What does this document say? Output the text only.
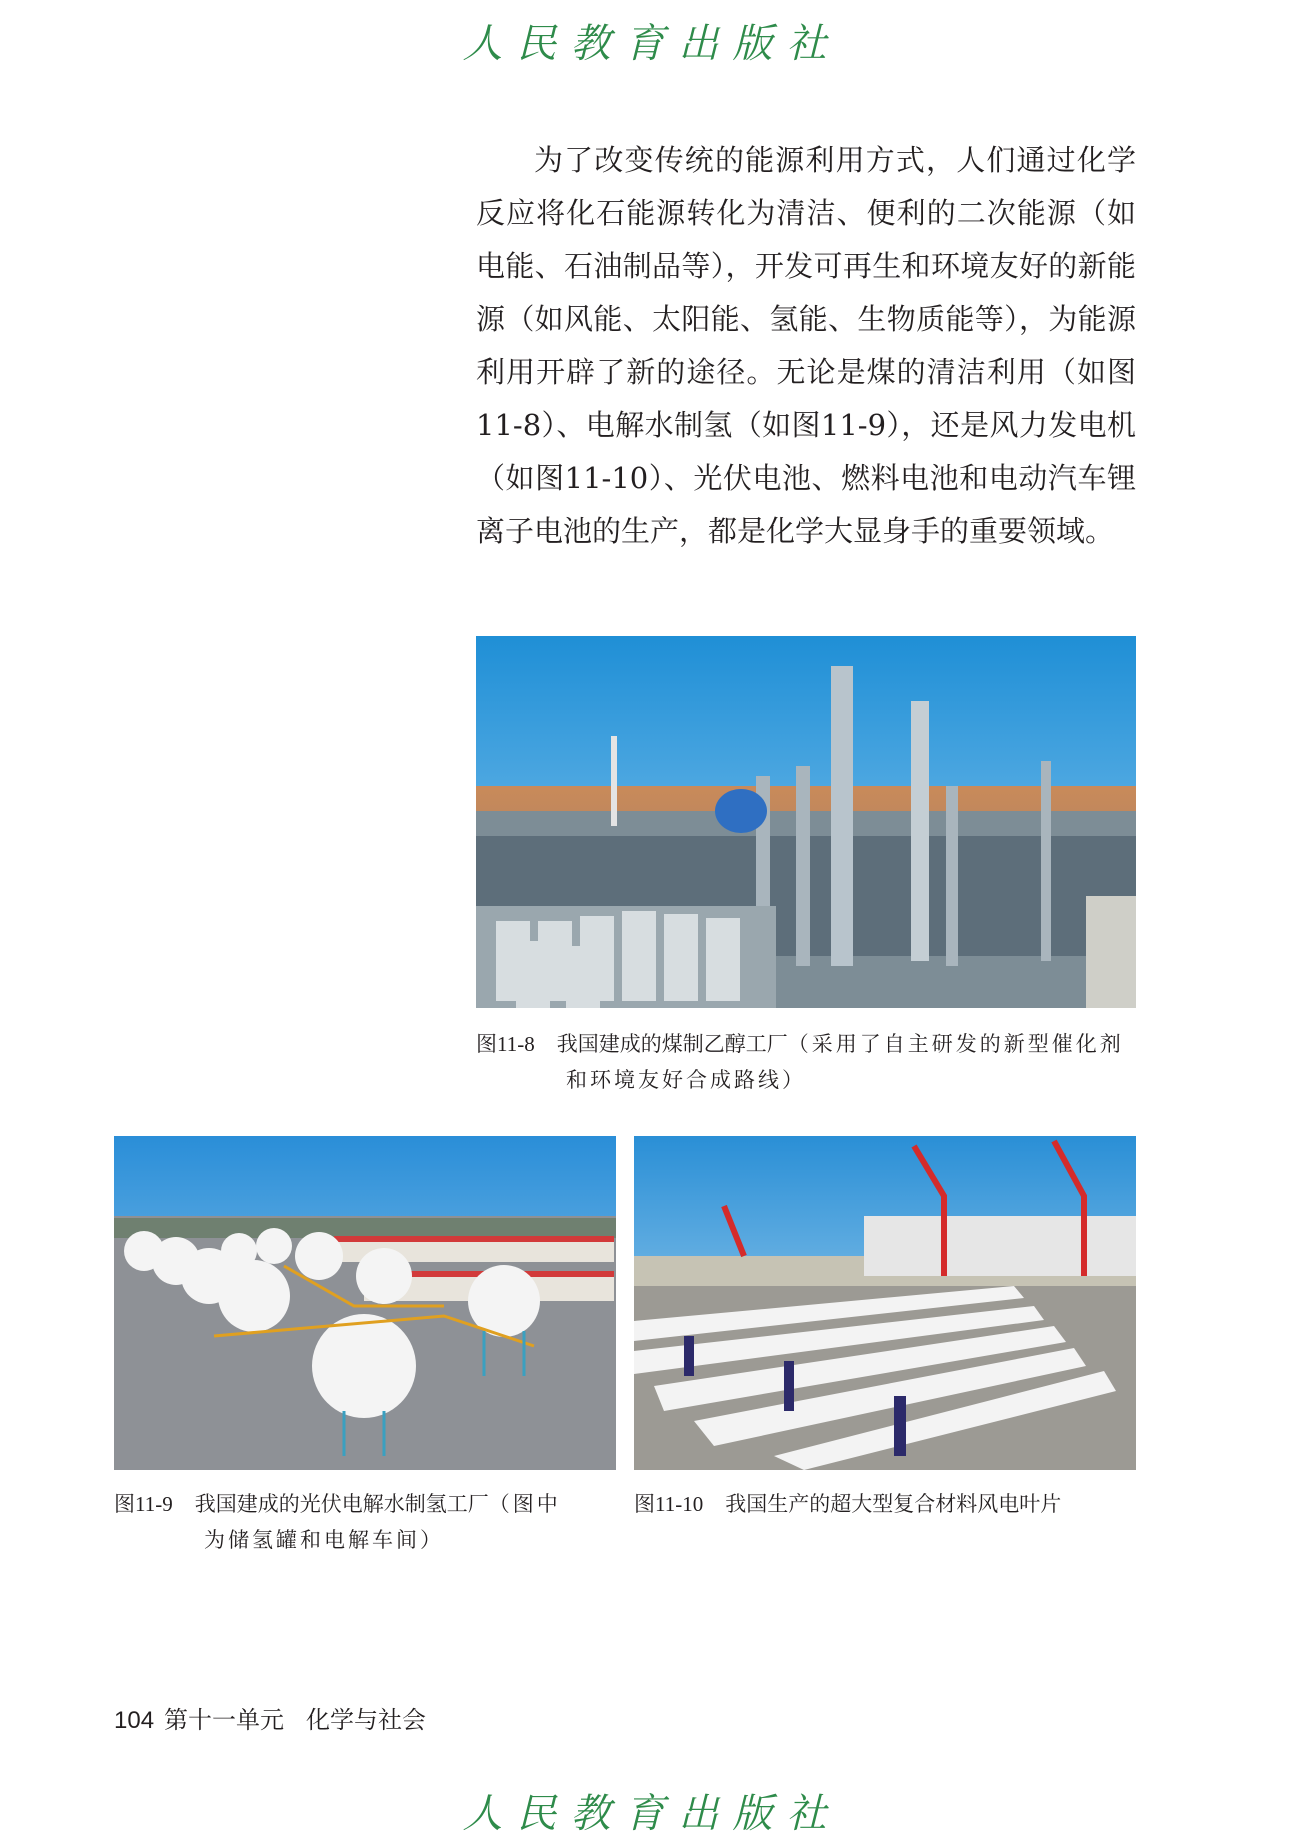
人民教育出版社

为了改变传统的能源利用方式，人们通过化学反应将化石能源转化为清洁、便利的二次能源（如电能、石油制品等），开发可再生和环境友好的新能源（如风能、太阳能、氢能、生物质能等），为能源利用开辟了新的途径。无论是煤的清洁利用（如图11-8）、电解水制氢（如图11-9），还是风力发电机（如图11-10）、光伏电池、燃料电池和电动汽车锂离子电池的生产，都是化学大显身手的重要领域。

图11-8 我国建成的煤制乙醇工厂（采用了自主研发的新型催化剂
和环境友好合成路线）
图11-9 我国建成的光伏电解水制氢工厂（图中
为储氢罐和电解车间）
图11-10 我国生产的超大型复合材料风电叶片
104 第十一单元 化学与社会
人民教育出版社
